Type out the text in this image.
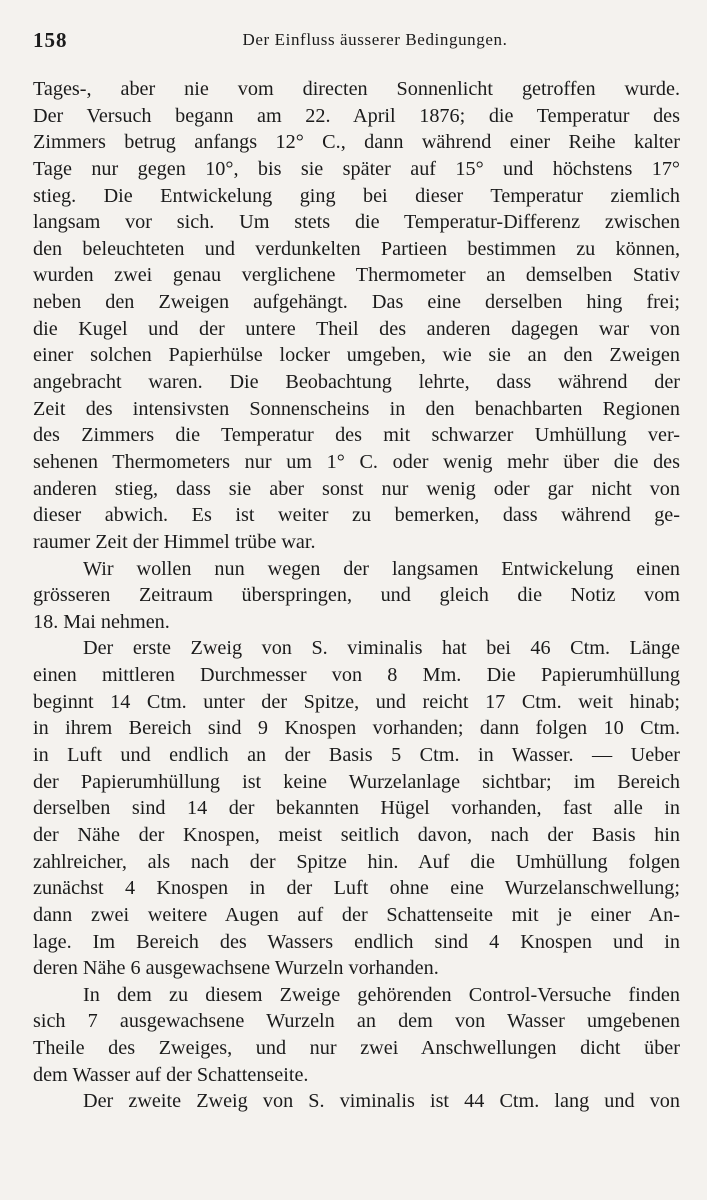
158	Der Einfluss äusserer Bedingungen.
Tages-, aber nie vom directen Sonnenlicht getroffen wurde.
Der Versuch begann am 22. April 1876; die Temperatur des
Zimmers betrug anfangs 12° C., dann während einer Reihe kalter
Tage nur gegen 10°, bis sie später auf 15° und höchstens 17°
stieg. Die Entwickelung ging bei dieser Temperatur ziemlich
langsam vor sich. Um stets die Temperatur-Differenz zwischen
den beleuchteten und verdunkelten Partieen bestimmen zu können,
wurden zwei genau verglichene Thermometer an demselben Stativ
neben den Zweigen aufgehängt. Das eine derselben hing frei;
die Kugel und der untere Theil des anderen dagegen war von
einer solchen Papierhülse locker umgeben, wie sie an den Zweigen
angebracht waren. Die Beobachtung lehrte, dass während der
Zeit des intensivsten Sonnenscheins in den benachbarten Regionen
des Zimmers die Temperatur des mit schwarzer Umhüllung ver-
sehenen Thermometers nur um 1° C. oder wenig mehr über die des
anderen stieg, dass sie aber sonst nur wenig oder gar nicht von
dieser abwich. Es ist weiter zu bemerken, dass während ge-
raumer Zeit der Himmel trübe war.
Wir wollen nun wegen der langsamen Entwickelung einen
grösseren Zeitraum überspringen, und gleich die Notiz vom
18. Mai nehmen.
Der erste Zweig von S. viminalis hat bei 46 Ctm. Länge
einen mittleren Durchmesser von 8 Mm. Die Papierumhüllung
beginnt 14 Ctm. unter der Spitze, und reicht 17 Ctm. weit hinab;
in ihrem Bereich sind 9 Knospen vorhanden; dann folgen 10 Ctm.
in Luft und endlich an der Basis 5 Ctm. in Wasser. — Ueber
der Papierumhüllung ist keine Wurzelanlage sichtbar; im Bereich
derselben sind 14 der bekannten Hügel vorhanden, fast alle in
der Nähe der Knospen, meist seitlich davon, nach der Basis hin
zahlreicher, als nach der Spitze hin. Auf die Umhüllung folgen
zunächst 4 Knospen in der Luft ohne eine Wurzelanschwellung;
dann zwei weitere Augen auf der Schattenseite mit je einer An-
lage. Im Bereich des Wassers endlich sind 4 Knospen und in
deren Nähe 6 ausgewachsene Wurzeln vorhanden.
In dem zu diesem Zweige gehörenden Control-Versuche finden
sich 7 ausgewachsene Wurzeln an dem von Wasser umgebenen
Theile des Zweiges, und nur zwei Anschwellungen dicht über
dem Wasser auf der Schattenseite.
Der zweite Zweig von S. viminalis ist 44 Ctm. lang und von
